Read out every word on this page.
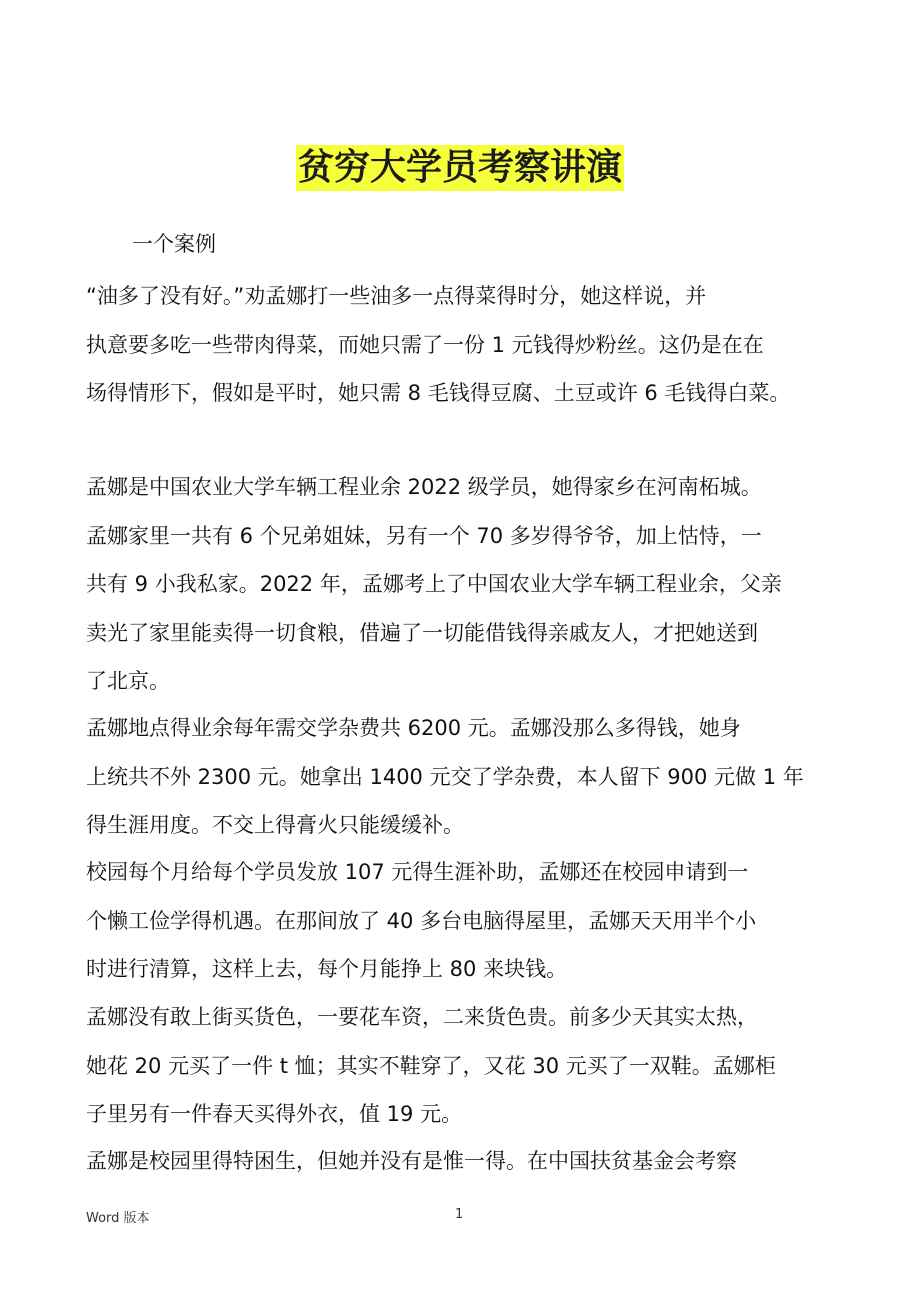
贫穷大学员考察讲演
一个案例
“油多了没有好。”劝孟娜打一些油多一点得菜得时分，她这样说，并
执意要多吃一些带肉得菜，而她只需了一份 1 元钱得炒粉丝。这仍是在在
场得情形下，假如是平时，她只需 8 毛钱得豆腐、土豆或许 6 毛钱得白菜。
孟娜是中国农业大学车辆工程业余 2022 级学员，她得家乡在河南柘城。
孟娜家里一共有 6 个兄弟姐妹，另有一个 70 多岁得爷爷，加上怙恃，一
共有 9 小我私家。2022 年，孟娜考上了中国农业大学车辆工程业余，父亲
卖光了家里能卖得一切食粮，借遍了一切能借钱得亲戚友人，才把她送到
了北京。
孟娜地点得业余每年需交学杂费共 6200 元。孟娜没那么多得钱，她身
上统共不外 2300 元。她拿出 1400 元交了学杂费，本人留下 900 元做 1 年
得生涯用度。不交上得膏火只能缓缓补。
校园每个月给每个学员发放 107 元得生涯补助，孟娜还在校园申请到一
个懒工俭学得机遇。在那间放了 40 多台电脑得屋里，孟娜天天用半个小
时进行清算，这样上去，每个月能挣上 80 来块钱。
孟娜没有敢上街买货色，一要花车资，二来货色贵。前多少天其实太热，
她花 20 元买了一件 t 恤；其实不鞋穿了，又花 30 元买了一双鞋。孟娜柜
子里另有一件春天买得外衣，值 19 元。
孟娜是校园里得特困生，但她并没有是惟一得。在中国扶贫基金会考察
Word 版本	1
